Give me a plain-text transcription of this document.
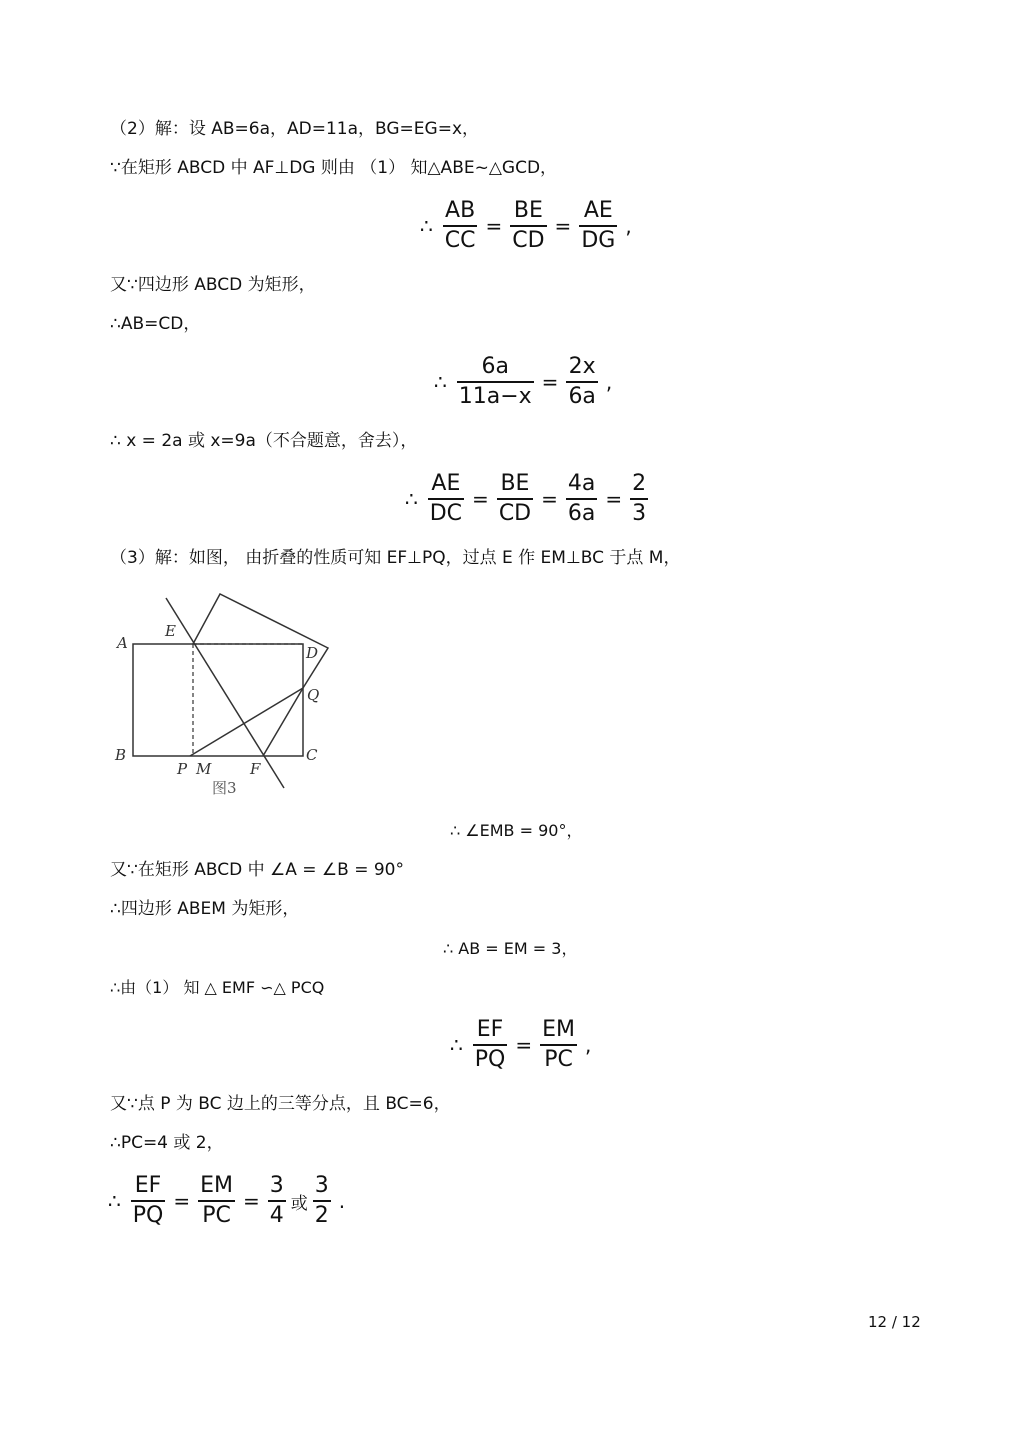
（2）解：设 AB=6a，AD=11a，BG=EG=x，
∵在矩形 ABCD 中 AF⊥DG 则由 （1） 知△ABE~△GCD，
∴ $\frac{AB}{CC} = \frac{BE}{CD} = \frac{AE}{DG}$ ,
又∵四边形 ABCD 为矩形，
∴AB=CD，
∴ $\frac{6a}{11a-x} = \frac{2x}{6a}$ ,
∴ x = 2a 或 x=9a（不合题意，舍去），
∴ $\frac{AE}{DC} = \frac{BE}{CD} = \frac{4a}{6a} = \frac{2}{3}$
（3）解：如图， 由折叠的性质可知 EF⊥PQ，过点 E 作 EM⊥BC 于点 M，
A
E
D
Q
B	C
P M	F
图3
∴ ∠EMB = 90°，
又∵在矩形 ABCD 中 ∠A = ∠B = 90°
∴四边形 ABEM 为矩形，
∴ AB = EM = 3，
∴由（1） 知 △ EMF ∽△ PCQ
∴ $\frac{EF}{PQ} = \frac{EM}{PC}$ ,
又∵点 P 为 BC 边上的三等分点，且 BC=6，
∴PC=4 或 2，
∴ $\frac{EF}{PQ} = \frac{EM}{PC} = \frac{3}{4}$ 或 $\frac{3}{2}$ .
12 / 12
